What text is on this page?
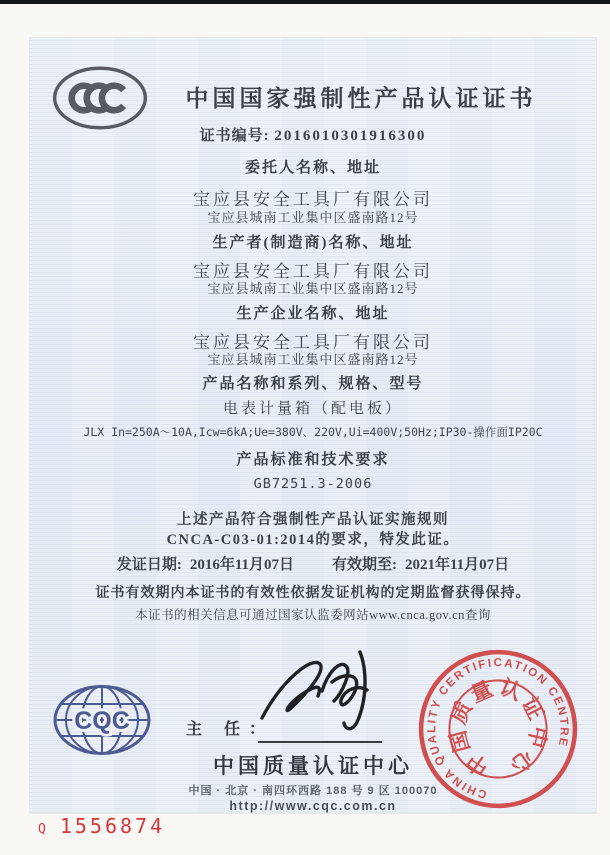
中国国家强制性产品认证证书
证书编号: 2016010301916300
委托人名称、地址
宝应县安全工具厂有限公司
宝应县城南工业集中区盛南路12号
生产者(制造商)名称、地址
宝应县安全工具厂有限公司
宝应县城南工业集中区盛南路12号
生产企业名称、地址
宝应县安全工具厂有限公司
宝应县城南工业集中区盛南路12号
产品名称和系列、规格、型号
电表计量箱（配电板）
JLX In=250A～10A,Icw=6kA;Ue=380V、220V,Ui=400V;50Hz;IP30-操作面IP20C
产品标准和技术要求
GB7251.3-2006
上述产品符合强制性产品认证实施规则
CNCA-C03-01:2014的要求，特发此证。
发证日期: 2016年11月07日	有效期至: 2021年11月07日
证书有效期内本证书的有效性依据发证机构的定期监督获得保持。
本证书的相关信息可通过国家认监委网站www.cnca.gov.cn查询
CQC	主 任：
中国质量认证中心
中国 · 北京 · 南四环西路 188 号 9 区 100070
http://www.cqc.com.cn
CHINA QUALITY CERTIFICATION CENTRE
中国质量认证中心
Q 1556874
